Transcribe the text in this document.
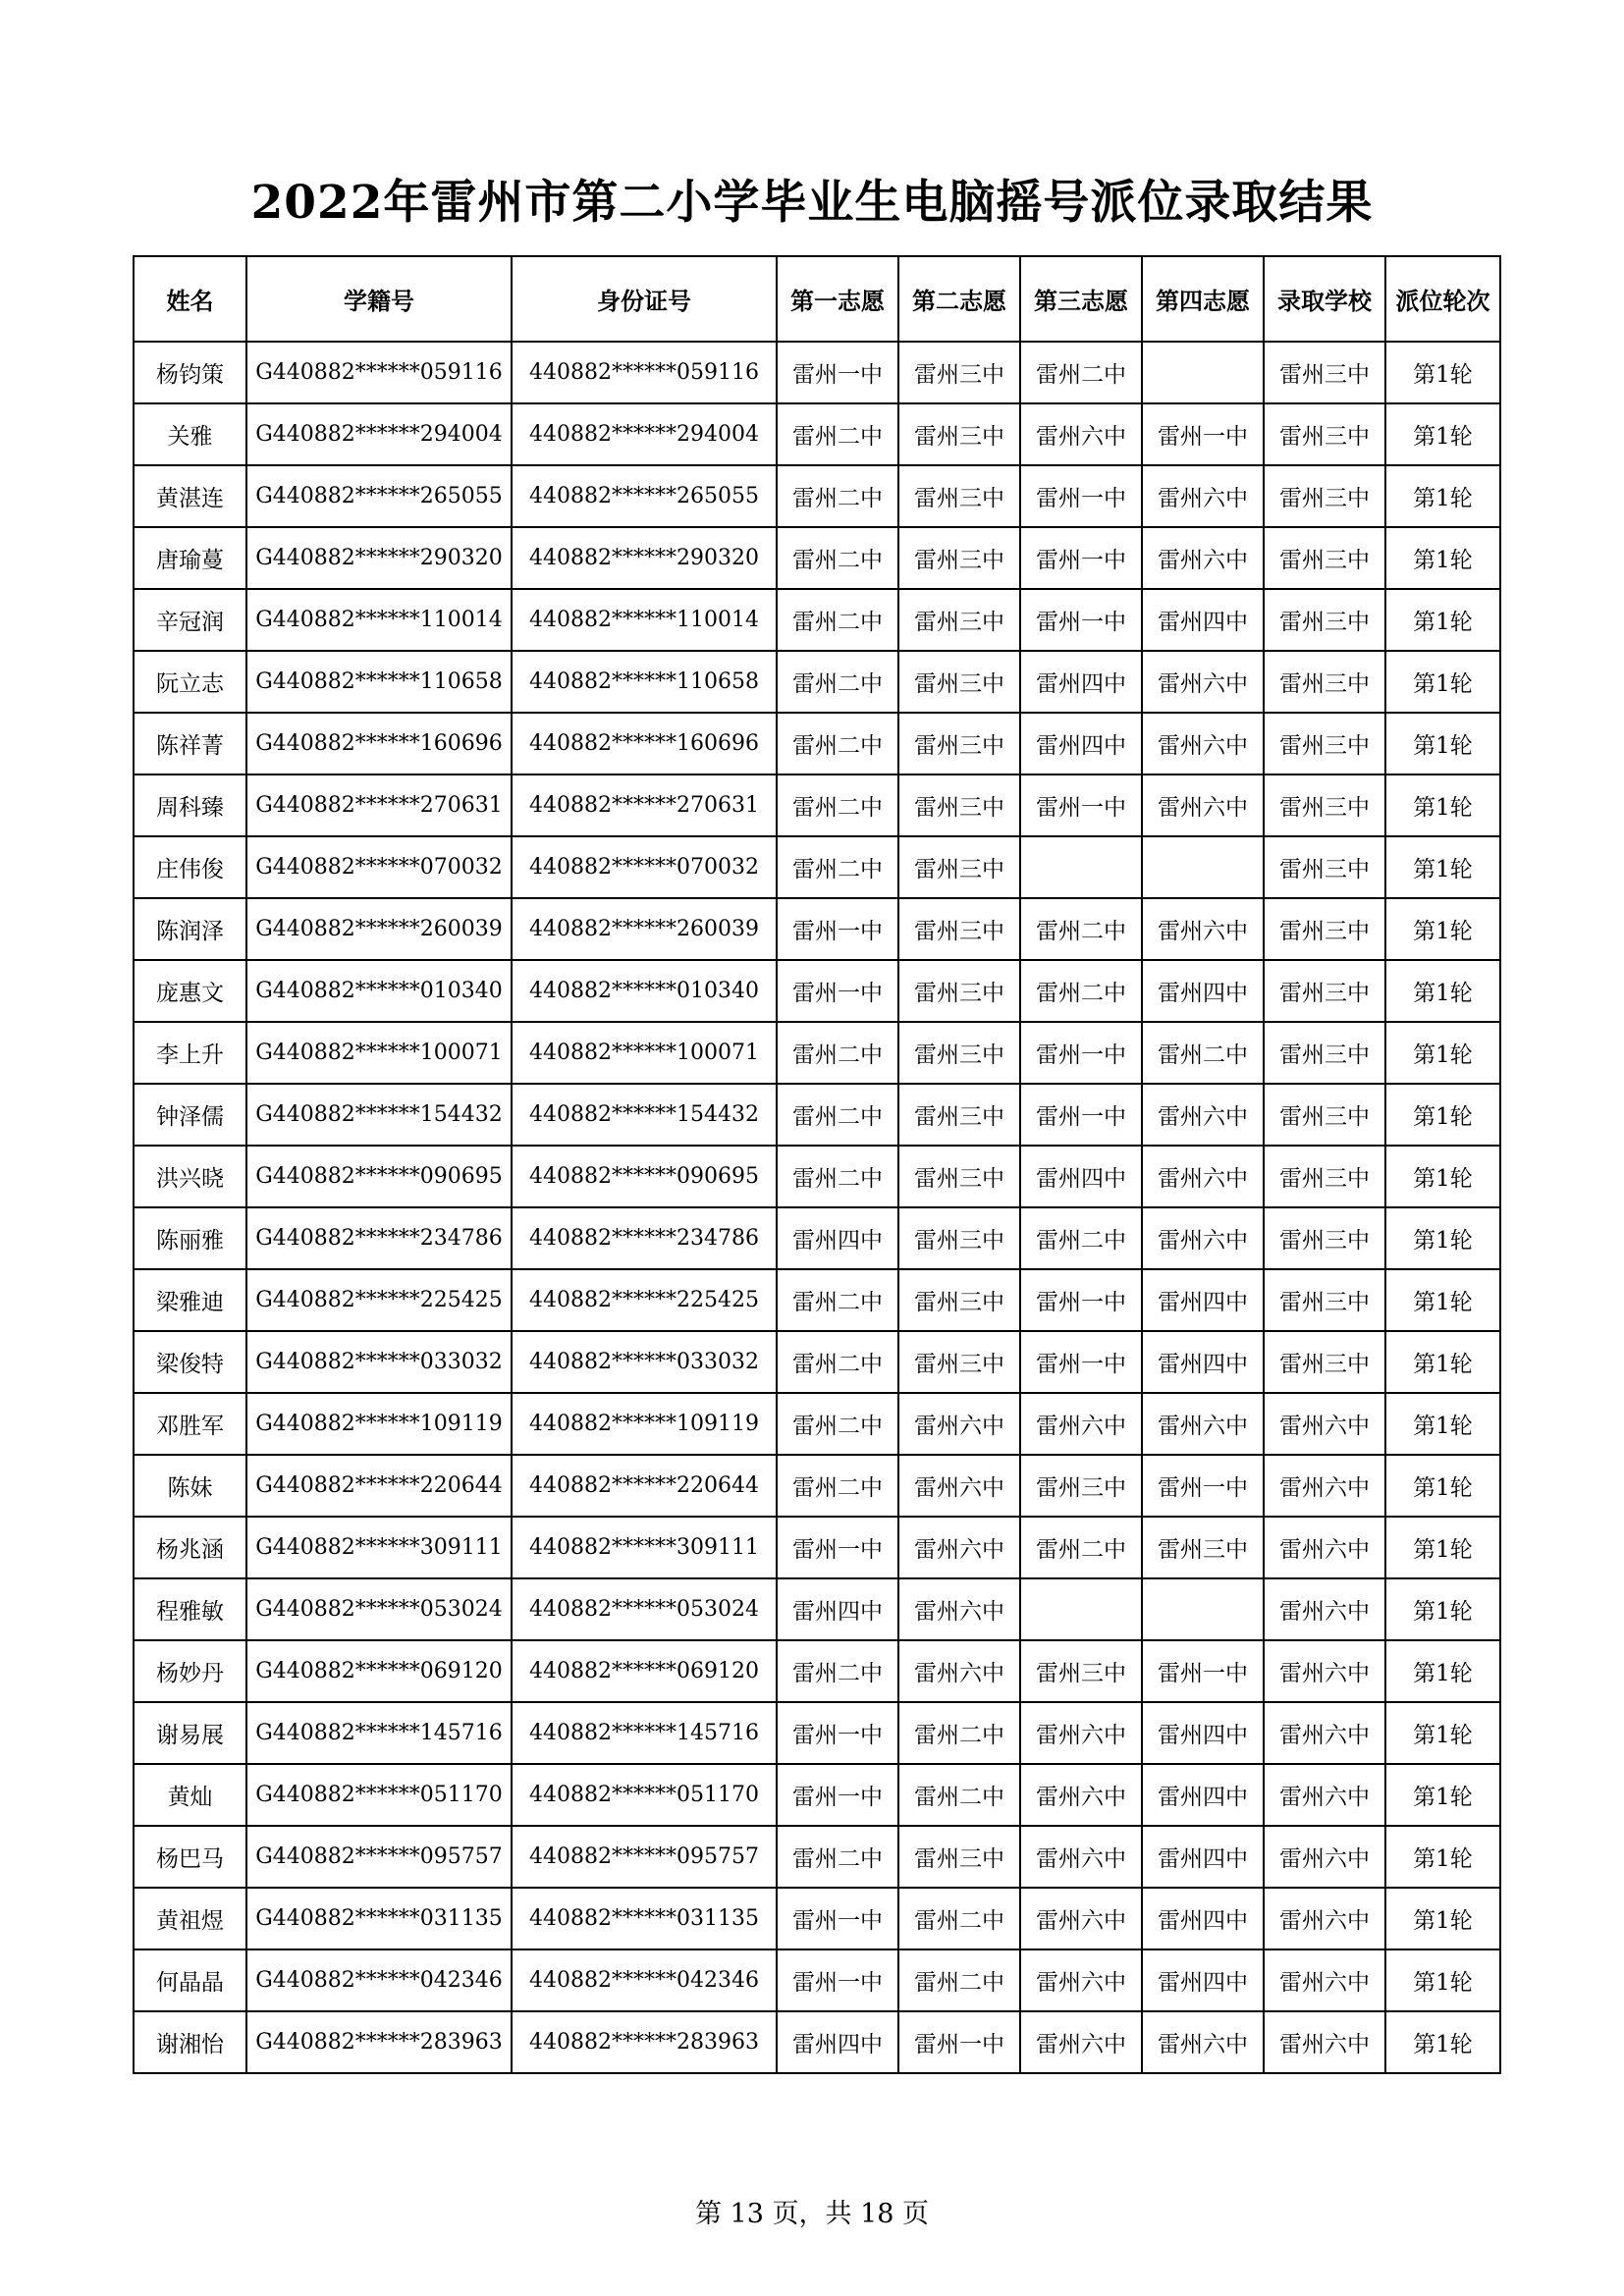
2022年雷州市第二小学毕业生电脑摇号派位录取结果
姓名	学籍号	身份证号	第一志愿	第二志愿	第三志愿	第四志愿	录取学校	派位轮次
杨钧策	G440882******059116	440882******059116	雷州一中	雷州三中	雷州二中		雷州三中	第1轮
关雅	G440882******294004	440882******294004	雷州二中	雷州三中	雷州六中	雷州一中	雷州三中	第1轮
黄湛连	G440882******265055	440882******265055	雷州二中	雷州三中	雷州一中	雷州六中	雷州三中	第1轮
唐瑜蔓	G440882******290320	440882******290320	雷州二中	雷州三中	雷州一中	雷州六中	雷州三中	第1轮
辛冠润	G440882******110014	440882******110014	雷州二中	雷州三中	雷州一中	雷州四中	雷州三中	第1轮
阮立志	G440882******110658	440882******110658	雷州二中	雷州三中	雷州四中	雷州六中	雷州三中	第1轮
陈祥菁	G440882******160696	440882******160696	雷州二中	雷州三中	雷州四中	雷州六中	雷州三中	第1轮
周科臻	G440882******270631	440882******270631	雷州二中	雷州三中	雷州一中	雷州六中	雷州三中	第1轮
庄伟俊	G440882******070032	440882******070032	雷州二中	雷州三中			雷州三中	第1轮
陈润泽	G440882******260039	440882******260039	雷州一中	雷州三中	雷州二中	雷州六中	雷州三中	第1轮
庞惠文	G440882******010340	440882******010340	雷州一中	雷州三中	雷州二中	雷州四中	雷州三中	第1轮
李上升	G440882******100071	440882******100071	雷州二中	雷州三中	雷州一中	雷州二中	雷州三中	第1轮
钟泽儒	G440882******154432	440882******154432	雷州二中	雷州三中	雷州一中	雷州六中	雷州三中	第1轮
洪兴晓	G440882******090695	440882******090695	雷州二中	雷州三中	雷州四中	雷州六中	雷州三中	第1轮
陈丽雅	G440882******234786	440882******234786	雷州四中	雷州三中	雷州二中	雷州六中	雷州三中	第1轮
梁雅迪	G440882******225425	440882******225425	雷州二中	雷州三中	雷州一中	雷州四中	雷州三中	第1轮
梁俊特	G440882******033032	440882******033032	雷州二中	雷州三中	雷州一中	雷州四中	雷州三中	第1轮
邓胜军	G440882******109119	440882******109119	雷州二中	雷州六中	雷州六中	雷州六中	雷州六中	第1轮
陈妹	G440882******220644	440882******220644	雷州二中	雷州六中	雷州三中	雷州一中	雷州六中	第1轮
杨兆涵	G440882******309111	440882******309111	雷州一中	雷州六中	雷州二中	雷州三中	雷州六中	第1轮
程雅敏	G440882******053024	440882******053024	雷州四中	雷州六中			雷州六中	第1轮
杨妙丹	G440882******069120	440882******069120	雷州二中	雷州六中	雷州三中	雷州一中	雷州六中	第1轮
谢易展	G440882******145716	440882******145716	雷州一中	雷州二中	雷州六中	雷州四中	雷州六中	第1轮
黄灿	G440882******051170	440882******051170	雷州一中	雷州二中	雷州六中	雷州四中	雷州六中	第1轮
杨巴马	G440882******095757	440882******095757	雷州二中	雷州三中	雷州六中	雷州四中	雷州六中	第1轮
黄祖煜	G440882******031135	440882******031135	雷州一中	雷州二中	雷州六中	雷州四中	雷州六中	第1轮
何晶晶	G440882******042346	440882******042346	雷州一中	雷州二中	雷州六中	雷州四中	雷州六中	第1轮
谢湘怡	G440882******283963	440882******283963	雷州四中	雷州一中	雷州六中	雷州六中	雷州六中	第1轮
第 13 页，共 18 页
